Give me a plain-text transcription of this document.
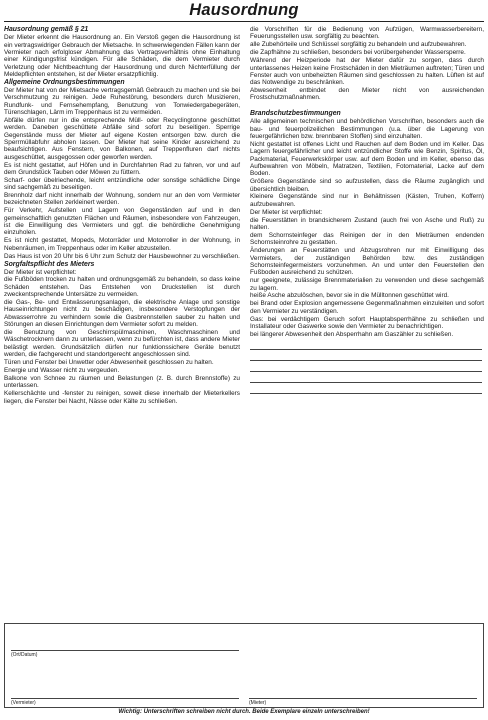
Hausordnung
Hausordnung gemäß § 21

Der Mieter erkennt die Hausordnung an. Ein Verstoß gegen die Hausordnung ist ein vertragswidriger Gebrauch der Mietsache. In schwerwiegenden Fällen kann der Vermieter nach erfolgloser Abmahnung das Vertragsverhältnis ohne Einhaltung einer Kündigungsfrist kündigen. Für alle Schäden, die dem Vermieter durch Verletzung oder Nichtbeachtung der Hausordnung und durch Nichterfüllung der Meldepflichten entstehen, ist der Mieter ersatzpflichtig.

Allgemeine Ordnungsbestimmungen

Der Mieter hat von der Mietsache vertragsgemäß Gebrauch zu machen und sie bei Verschmutzung zu reinigen. Jede Ruhestörung, besonders durch Musizieren, Rundfunk- und Fernsehempfang, Benutzung von Tonwiedergabegeräten, Türenschlagen, Lärm im Treppenhaus ist zu vermeiden.

Abfälle dürfen nur in die entsprechende Müll- oder Recyclingtonne geschüttet werden. Daneben geschüttete Abfälle sind sofort zu beseitigen. Sperrige Gegenstände muss der Mieter auf eigene Kosten entsorgen bzw. durch die Sperrmüllabfuhr abholen lassen. Der Mieter hat seine Kinder ausreichend zu beaufsichtigen. Aus Fenstern, von Balkonen, auf Treppenfluren darf nichts ausgeschüttet, ausgegossen oder geworfen werden.

Es ist nicht gestattet, auf Höfen und in Durchfahrten Rad zu fahren, vor und auf dem Grundstück Tauben oder Möwen zu füttern.

Scharf- oder übelriechende, leicht entzündliche oder sonstige schädliche Dinge sind sachgemäß zu beseitigen.

Brennholz darf nicht innerhalb der Wohnung, sondern nur an den vom Vermieter bezeichneten Stellen zerkleinert werden.

Für Verkehr, Aufstellen und Lagern von Gegenständen auf und in den gemeinschaftlich genutzten Flächen und Räumen, insbesondere von Fahrzeugen, ist die Einwilligung des Vermieters und ggf. die behördliche Genehmigung einzuholen.

Es ist nicht gestattet, Mopeds, Motorräder und Motorroller in der Wohnung, in Nebenräumen, im Treppenhaus oder im Keller abzustellen.

Das Haus ist von 20 Uhr bis 6 Uhr zum Schutz der Hausbewohner zu verschließen.

Sorgfaltspflicht des Mieters

Der Mieter ist verpflichtet:

die Fußböden trocken zu halten und ordnungsgemäß zu behandeln, so dass keine Schäden entstehen. Das Entstehen von Druckstellen ist durch zweckentsprechende Untersätze zu vermeiden.

die Gas-, Be- und Entwässerungsanlagen, die elektrische Anlage und sonstige Hauseinrichtungen nicht zu beschädigen, insbesondere Verstopfungen der Abwasserrohre zu verhindern sowie die Gasbrennstellen sauber zu halten und Störungen an diesen Einrichtungen dem Vermieter sofort zu melden.

die Benutzung von Geschirrspülmaschinen, Waschmaschinen und Wäschetrocknern dann zu unterlassen, wenn zu befürchten ist, dass andere Mieter belästigt werden. Grundsätzlich dürfen nur funktionssichere Geräte benutzt werden, die fachgerecht und standortgerecht angeschlossen sind.

Türen und Fenster bei Unwetter oder Abwesenheit geschlossen zu halten.

Energie und Wasser nicht zu vergeuden.

Balkone von Schnee zu räumen und Belastungen (z. B. durch Brennstoffe) zu unterlassen.

Kellerschächte und -fenster zu reinigen, soweit diese innerhalb der Mieterkellers liegen, die Fenster bei Nacht, Nässe oder Kälte zu schließen.

die Vorschriften für die Bedienung von Aufzügen, Warmwasserbereitern, Feuerungsstellen usw. sorgfältig zu beachten.

alle Zubehörteile und Schlüssel sorgfältig zu behandeln und aufzubewahren.

die Zapfhähne zu schließen, besonders bei vorübergehender Wassersperre.

Während der Heizperiode hat der Mieter dafür zu sorgen, dass durch unterlassenes Heizen keine Frostschäden in den Mieträumen auftreten; Türen und Fenster auch von unbeheizten Räumen sind geschlossen zu halten. Lüften ist auf das Notwendige zu beschränken.

Abwesenheit entbindet den Mieter nicht von ausreichenden Frostschutzmaßnahmen.

Brandschutzbestimmungen

Alle allgemeinen technischen und behördlichen Vorschriften, besonders auch die bau- und feuerpolizeilichen Bestimmungen (u.a. über die Lagerung von feuergefährlichen bzw. brennbaren Stoffen) sind einzuhalten.

Nicht gestattet ist offenes Licht und Rauchen auf dem Boden und im Keller. Das Lagern feuergefährlicher und leicht entzündlicher Stoffe wie Benzin, Spiritus, Öl, Packmaterial, Feuerwerkskörper usw. auf dem Boden und im Keller, ebenso das Aufbewahren von Möbeln, Matratzen, Textilien, Fotomaterial, Lacke auf dem Boden.

Größere Gegenstände sind so aufzustellen, dass die Räume zugänglich und übersichtlich bleiben.

Kleinere Gegenstände sind nur in Behältnissen (Kästen, Truhen, Koffern) aufzubewahren.

Der Mieter ist verpflichtet:

die Feuerstätten in brandsicherem Zustand (auch frei von Asche und Ruß) zu halten.

dem Schornsteinfeger das Reinigen der in den Mieträumen endenden Schornsteinrohre zu gestatten.

Änderungen an Feuerstätten und Abzugsrohren nur mit Einwilligung des Vermieters, der zuständigen Behörden bzw. des zuständigen Schornsteinfegermeisters vorzunehmen. An und unter den Feuerstellen den Fußboden ausreichend zu schützen.

nur geeignete, zulässige Brennmaterialien zu verwenden und diese sachgemäß zu lagern.

heiße Asche abzulöschen, bevor sie in die Mülltonnen geschüttet wird.

bei Brand oder Explosion angemessene Gegenmaßnahmen einzuleiten und sofort den Vermieter zu verständigen.

Gas: bei verdächtigem Geruch sofort Hauptabsperrhähne zu schließen und Installateur oder Gaswerke sowie den Vermieter zu benachrichtigen.

bei längerer Abwesenheit den Absperrhahn am Gaszähler zu schließen.

(Ort/Datum)
(Vermieter)	(Mieter)
Wichtig: Unterschriften schreiben nicht durch. Beide Exemplare einzeln unterschreiben!
